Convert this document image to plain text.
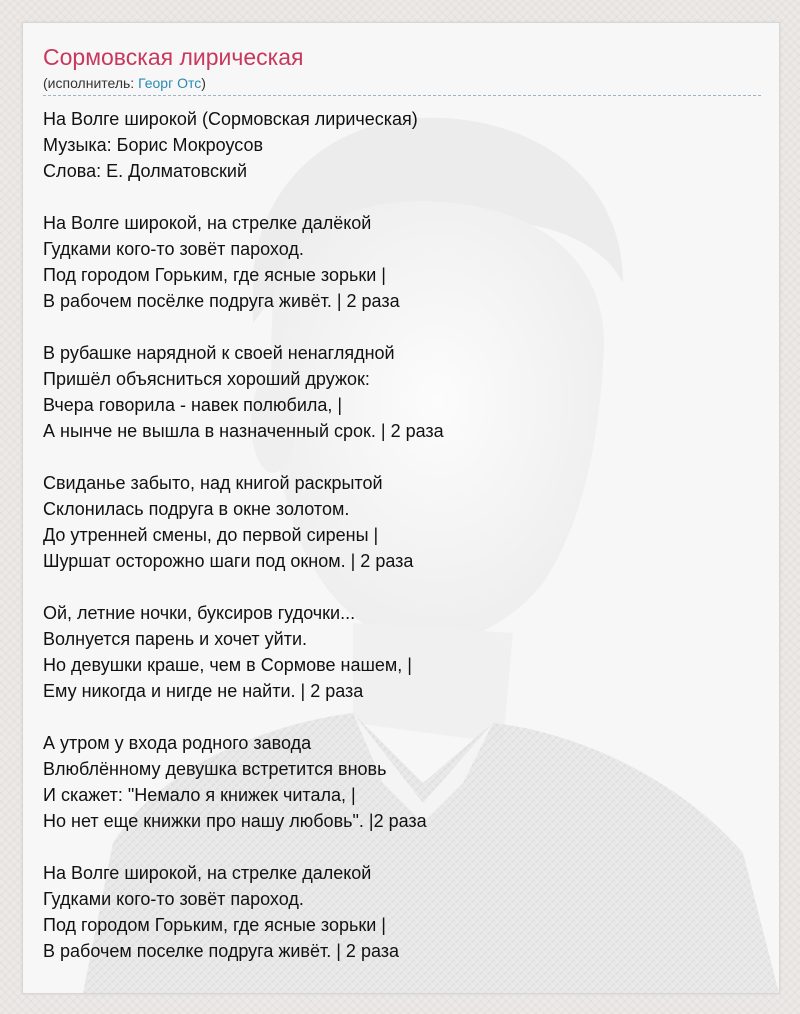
Сормовская лирическая
(исполнитель: Георг Отс)
На Волге широкой (Сормовская лирическая)
Музыка: Борис Мокроусов
Слова: Е. Долматовский
На Волге широкой, на стрелке далёкой
Гудками кого-то зовёт пароход.
Под городом Горьким, где ясные зорьки |
В рабочем посёлке подруга живёт. | 2 раза
В рубашке нарядной к своей ненаглядной
Пришёл объясниться хороший дружок:
Вчера говорила - навек полюбила, |
А нынче не вышла в назначенный срок. | 2 раза
Свиданье забыто, над книгой раскрытой
Склонилась подруга в окне золотом.
До утренней смены, до первой сирены |
Шуршат осторожно шаги под окном. | 2 раза
Ой, летние ночки, буксиров гудочки...
Волнуется парень и хочет уйти.
Но девушки краше, чем в Сормове нашем, |
Ему никогда и нигде не найти. | 2 раза
А утром у входа родного завода
Влюблённому девушка встретится вновь
И скажет: "Немало я книжек читала, |
Но нет еще книжки про нашу любовь". |2 раза
На Волге широкой, на стрелке далекой
Гудками кого-то зовёт пароход.
Под городом Горьким, где ясные зорьки |
В рабочем поселке подруга живёт. | 2 раза
